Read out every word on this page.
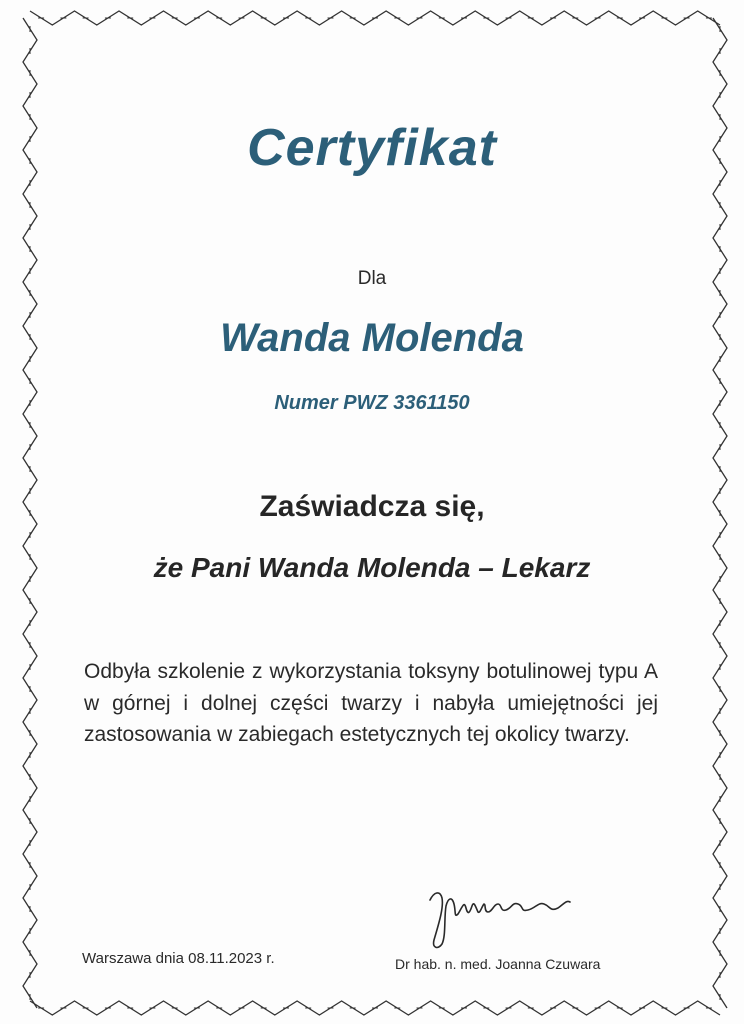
Certyfikat
Dla
Wanda Molenda
Numer PWZ 3361150
Zaświadcza się,
że Pani Wanda Molenda – Lekarz
Odbyła szkolenie z wykorzystania toksyny botulinowej typu A w górnej i dolnej części twarzy i nabyła umiejętności jej zastosowania w zabiegach estetycznych tej okolicy twarzy.
Warszawa dnia 08.11.2023 r.	Dr hab. n. med. Joanna Czuwara
